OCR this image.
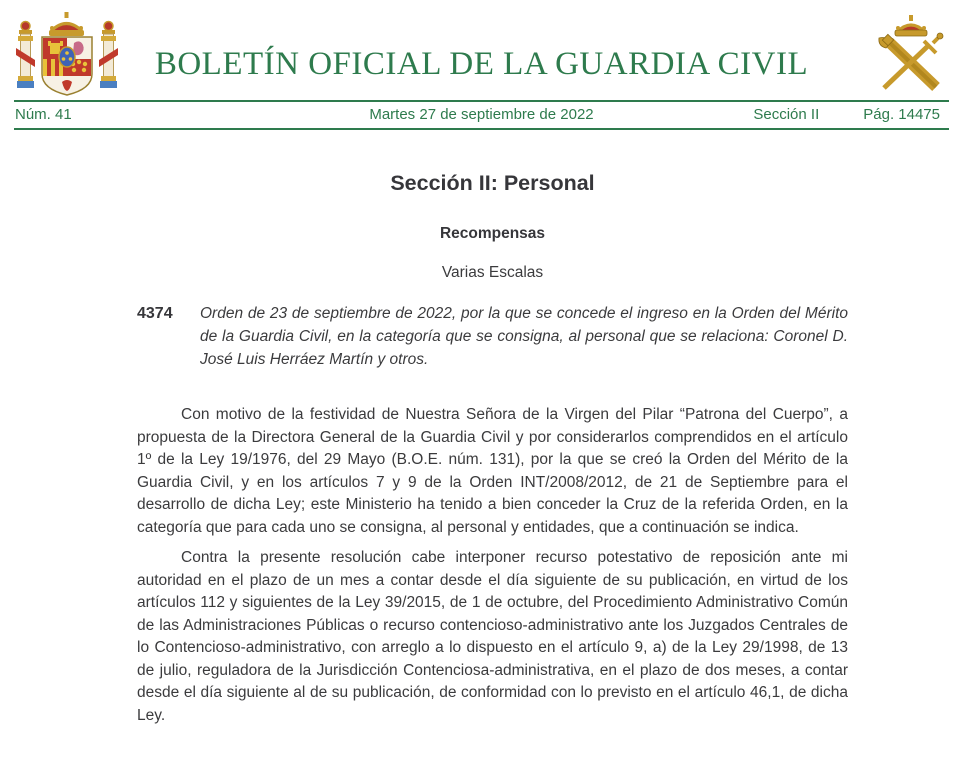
BOLETÍN OFICIAL DE LA GUARDIA CIVIL
Núm. 41	Martes 27 de septiembre de 2022	Sección II	Pág. 14475
Sección II: Personal
Recompensas
Varias Escalas
4374	Orden de 23 de septiembre de 2022, por la que se concede el ingreso en la Orden del Mérito de la Guardia Civil, en la categoría que se consigna, al personal que se relaciona: Coronel D. José Luis Herráez Martín y otros.

Con motivo de la festividad de Nuestra Señora de la Virgen del Pilar “Patrona del Cuerpo”, a propuesta de la Directora General de la Guardia Civil y por considerarlos comprendidos en el artículo 1º de la Ley 19/1976, del 29 Mayo (B.O.E. núm. 131), por la que se creó la Orden del Mérito de la Guardia Civil, y en los artículos 7 y 9 de la Orden INT/2008/2012, de 21 de Septiembre para el desarrollo de dicha Ley; este Ministerio ha tenido a bien conceder la Cruz de la referida Orden, en la categoría que para cada uno se consigna, al personal y entidades, que a continuación se indica.

Contra la presente resolución cabe interponer recurso potestativo de reposición ante mi autoridad en el plazo de un mes a contar desde el día siguiente de su publicación, en virtud de los artículos 112 y siguientes de la Ley 39/2015, de 1 de octubre, del Procedimiento Administrativo Común de las Administraciones Públicas o recurso contencioso-administrativo ante los Juzgados Centrales de lo Contencioso-administrativo, con arreglo a lo dispuesto en el artículo 9, a) de la Ley 29/1998, de 13 de julio, reguladora de la Jurisdicción Contenciosa-administrativa, en el plazo de dos meses, a contar desde el día siguiente al de su publicación, de conformidad con lo previsto en el artículo 46,1, de dicha Ley.
